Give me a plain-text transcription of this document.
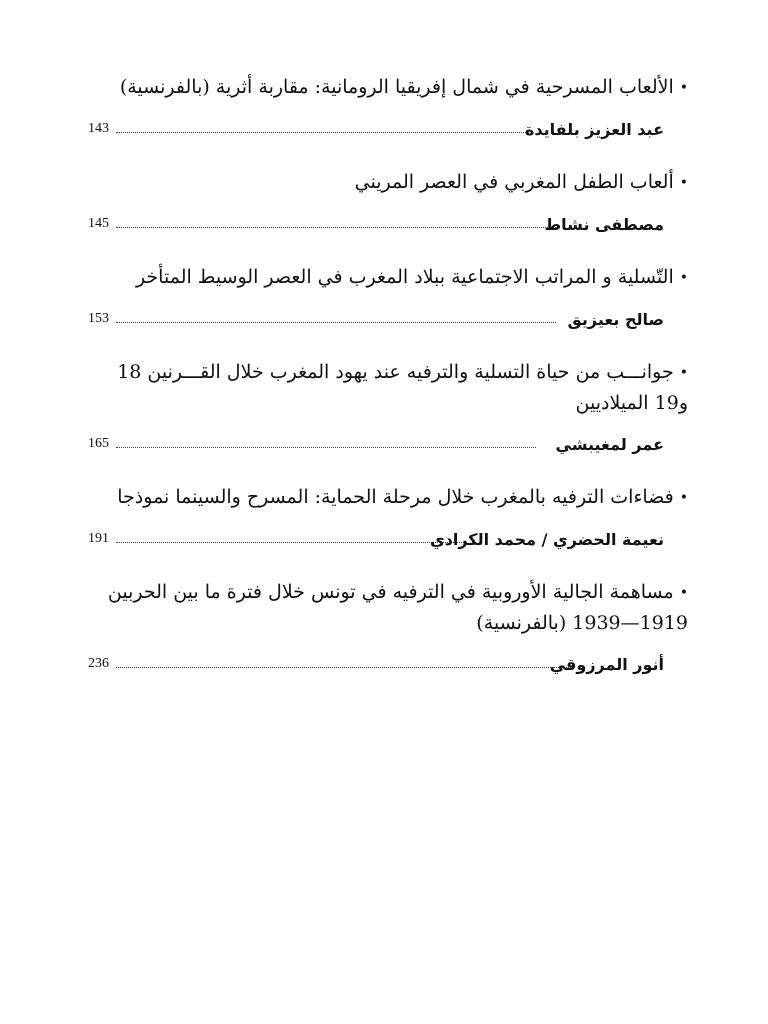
•الألعاب المسرحية في شمال إفريقيا الرومانية: مقاربة أثرية (بالفرنسية)
143	عبد العزيز بلفايدة
•ألعاب الطفل المغربي في العصر المريني
145	مصطفى نشاط
•التّسلية و المراتب الاجتماعية ببلاد المغرب في العصر الوسيط المتأخر
153	صالح بعيزيق
•جوانـــب من حياة التسلية والترفيه عند يهود المغرب خلال القـــرنين 18 و19 الميلاديين
165	عمر لمغيبشي
•فضاءات الترفيه بالمغرب خلال مرحلة الحماية: المسرح والسينما نموذجا
191	نعيمة الحضري / محمد الكرادي
•مساهمة الجالية الأوروبية في الترفيه في تونس خلال فترة ما بين الحربين 1919—1939 (بالفرنسية)
236	أنور المرزوقي
